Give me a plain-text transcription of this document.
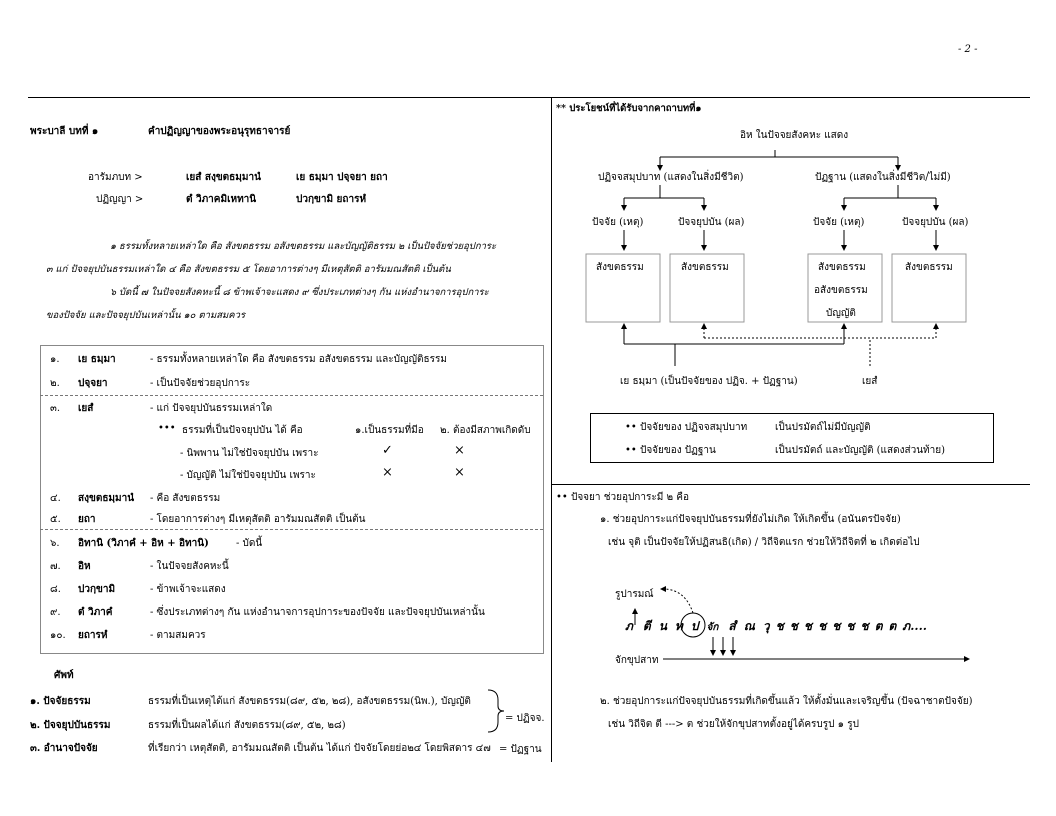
- 2 -
พระบาลี บทที่ ๑	คำปฏิญญาของพระอนุรุทธาจารย์
อารัมภบท >	เยสํ สงฺขตธมฺมานํ	เย ธมฺมา ปจฺจยา ยถา
ปฏิญญา >	ตํ วิภาคมิเหทานิ	ปวกฺขามิ ยถารหํ
๑ ธรรมทั้งหลายเหล่าใด คือ สังขตธรรม อสังขตธรรม และบัญญัติธรรม ๒ เป็นปัจจัยช่วยอุปการะ
๓ แก่ ปัจจยุปบันธรรมเหล่าใด ๔ คือ สังขตธรรม ๕ โดยอาการต่างๆ มีเหตุสัตติ อารัมมณสัตติ เป็นต้น
๖ บัดนี้ ๗ ในปัจจยสังคหะนี้ ๘ ข้าพเจ้าจะแสดง ๙ ซึ่งประเภทต่างๆ กัน แห่งอำนาจการอุปการะ
ของปัจจัย และปัจจยุปบันเหล่านั้น ๑๐ ตามสมควร
๑. เย ธมฺมา	- ธรรมทั้งหลายเหล่าใด คือ สังขตธรรม อสังขตธรรม และบัญญัติธรรม
๒. ปจฺจยา	- เป็นปัจจัยช่วยอุปการะ
๓. เยสํ	- แก่ ปัจจยุปบันธรรมเหล่าใด
••• ธรรมที่เป็นปัจจยุปบัน ได้ คือ	๑.เป็นธรรมที่มีอ ๒. ต้องมีสภาพเกิดดับ
- นิพพาน ไม่ใช่ปัจจยุปบัน เพราะ	✓	×
- บัญญัติ ไม่ใช่ปัจจยุปบัน เพราะ	×	×
๔. สงฺขตธมฺมานํ - คือ สังขตธรรม
๕. ยถา	- โดยอาการต่างๆ มีเหตุสัตติ อารัมมณสัตติ เป็นต้น
๖. อิทานิ (วิภาคํ + อิห + อิทานิ)	- บัดนี้
๗. อิห	- ในปัจจยสังคหะนี้
๘. ปวกฺขามิ	- ข้าพเจ้าจะแสดง
๙. ตํ วิภาคํ	- ซึ่งประเภทต่างๆ กัน แห่งอำนาจการอุปการะของปัจจัย และปัจจยุปบันเหล่านั้น
๑๐. ยถารหํ	- ตามสมควร
ศัพท์
๑. ปัจจัยธรรม	ธรรมที่เป็นเหตุได้แก่ สังขตธรรม(๘๙, ๕๒, ๒๘), อสังขตธรรม(นิพ.), บัญญัติ
๒. ปัจจยุปบันธรรม	ธรรมที่เป็นผลได้แก่ สังขตธรรม(๘๙, ๕๒, ๒๘)
๓. อำนาจปัจจัย	ที่เรียกว่า เหตุสัตติ, อารัมมณสัตติ เป็นต้น ได้แก่ ปัจจัยโดยย่อ๒๔ โดยพิสดาร ๔๗
= ปฏิจจ.
= ปัฏฐาน
** ประโยชน์ที่ได้รับจากคาถาบทที่๑
อิห ในปัจจยสังคหะ แสดง
ปฏิจจสมุปบาท (แสดงในสิ่งมีชีวิต)	ปัฏฐาน (แสดงในสิ่งมีชีวิต/ไม่มี)
ปัจจัย (เหตุ)	ปัจจยุปบัน (ผล)	ปัจจัย (เหตุ)	ปัจจยุปบัน (ผล)
สังขตธรรม	สังขตธรรม	สังขตธรรม
อสังขตธรรม
บัญญัติ
สังขตธรรม
เย ธมฺมา (เป็นปัจจัยของ ปฏิจ. + ปัฏฐาน)	เยสํ
•• ปัจจัยของ ปฏิจจสมุปบาท	เป็นปรมัตถ์ไม่มีบัญญัติ
•• ปัจจัยของ ปัฏฐาน	เป็นปรมัตถ์ และบัญญัติ (แสดงส่วนท้าย)
•• ปัจจยา ช่วยอุปการะมี ๒ คือ
๑. ช่วยอุปการะแก่ปัจจยุปบันธรรมที่ยังไม่เกิด ให้เกิดขึ้น (อนันตรปัจจัย)
เช่น จุติ เป็นปัจจัยให้ปฏิสนธิ(เกิด) / วิถีจิตแรก ช่วยให้วิถีจิตที่ ๒ เกิดต่อไป
รูปารมณ์
ภ ตี น ท ป จัก สํ ณ วุ ช ช ช ช ช ช ช ต ต ภ....
จักขุปสาท
๒. ช่วยอุปการะแก่ปัจจยุปบันธรรมที่เกิดขึ้นแล้ว ให้ตั้งมั่นและเจริญขึ้น (ปัจฉาชาตปัจจัย)
เช่น วิถีจิต ตี ---> ต ช่วยให้จักขุปสาทตั้งอยู่ได้ครบรูป ๑ รูป
